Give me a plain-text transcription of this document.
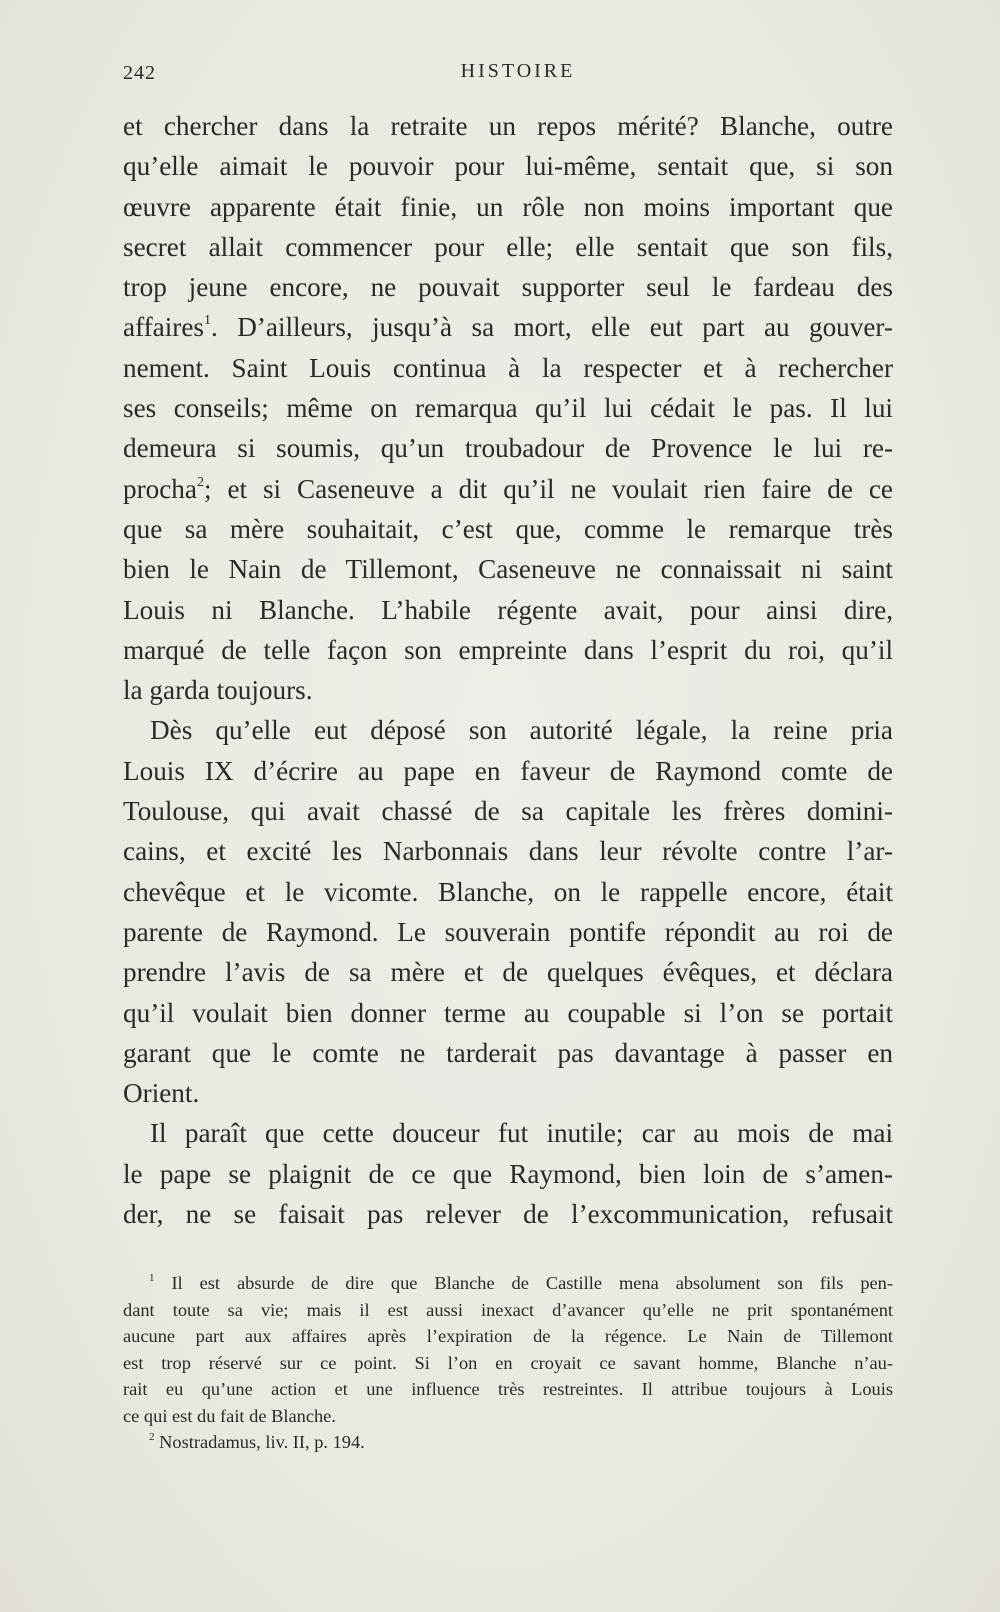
242	HISTOIRE
et chercher dans la retraite un repos mérité? Blanche, outre
qu’elle aimait le pouvoir pour lui-même, sentait que, si son
œuvre apparente était finie, un rôle non moins important que
secret allait commencer pour elle; elle sentait que son fils,
trop jeune encore, ne pouvait supporter seul le fardeau des
affaires$^1$. D’ailleurs, jusqu’à sa mort, elle eut part au gouver-
nement. Saint Louis continua à la respecter et à rechercher
ses conseils; même on remarqua qu’il lui cédait le pas. Il lui
demeura si soumis, qu’un troubadour de Provence le lui re-
procha$^2$; et si Caseneuve a dit qu’il ne voulait rien faire de ce
que sa mère souhaitait, c’est que, comme le remarque très
bien le Nain de Tillemont, Caseneuve ne connaissait ni saint
Louis ni Blanche. L’habile régente avait, pour ainsi dire,
marqué de telle façon son empreinte dans l’esprit du roi, qu’il
la garda toujours.
Dès qu’elle eut déposé son autorité légale, la reine pria
Louis IX d’écrire au pape en faveur de Raymond comte de
Toulouse, qui avait chassé de sa capitale les frères domini-
cains, et excité les Narbonnais dans leur révolte contre l’ar-
chevêque et le vicomte. Blanche, on le rappelle encore, était
parente de Raymond. Le souverain pontife répondit au roi de
prendre l’avis de sa mère et de quelques évêques, et déclara
qu’il voulait bien donner terme au coupable si l’on se portait
garant que le comte ne tarderait pas davantage à passer en
Orient.
Il paraît que cette douceur fut inutile; car au mois de mai
le pape se plaignit de ce que Raymond, bien loin de s’amen-
der, ne se faisait pas relever de l’excommunication, refusait
$^1$ Il est absurde de dire que Blanche de Castille mena absolument son fils pen-
dant toute sa vie; mais il est aussi inexact d’avancer qu’elle ne prit spontanément
aucune part aux affaires après l’expiration de la régence. Le Nain de Tillemont
est trop réservé sur ce point. Si l’on en croyait ce savant homme, Blanche n’au-
rait eu qu’une action et une influence très restreintes. Il attribue toujours à Louis
ce qui est du fait de Blanche.
$^2$ Nostradamus, liv. II, p. 194.
